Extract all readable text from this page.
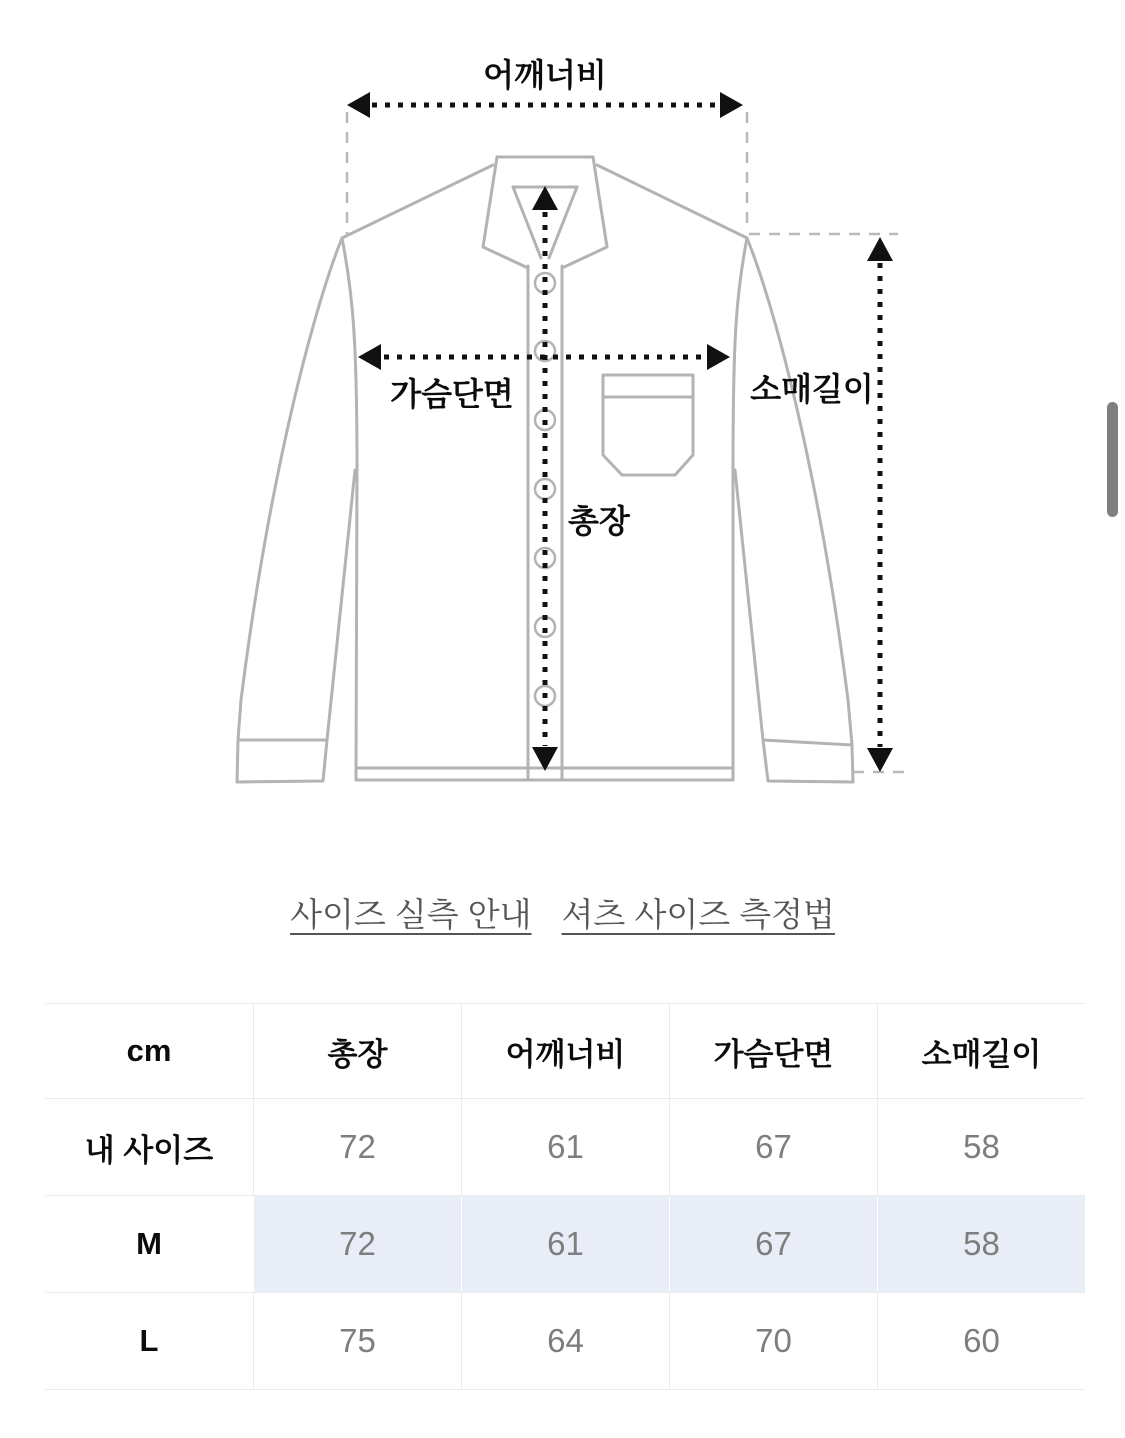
어깨너비
가슴단면	소매길이
총장
사이즈 실측 안내 셔츠 사이즈 측정법
cm	총장	어깨너비	가슴단면	소매길이
내 사이즈	72	61	67	58
M	72	61	67	58
L	75	64	70	60
